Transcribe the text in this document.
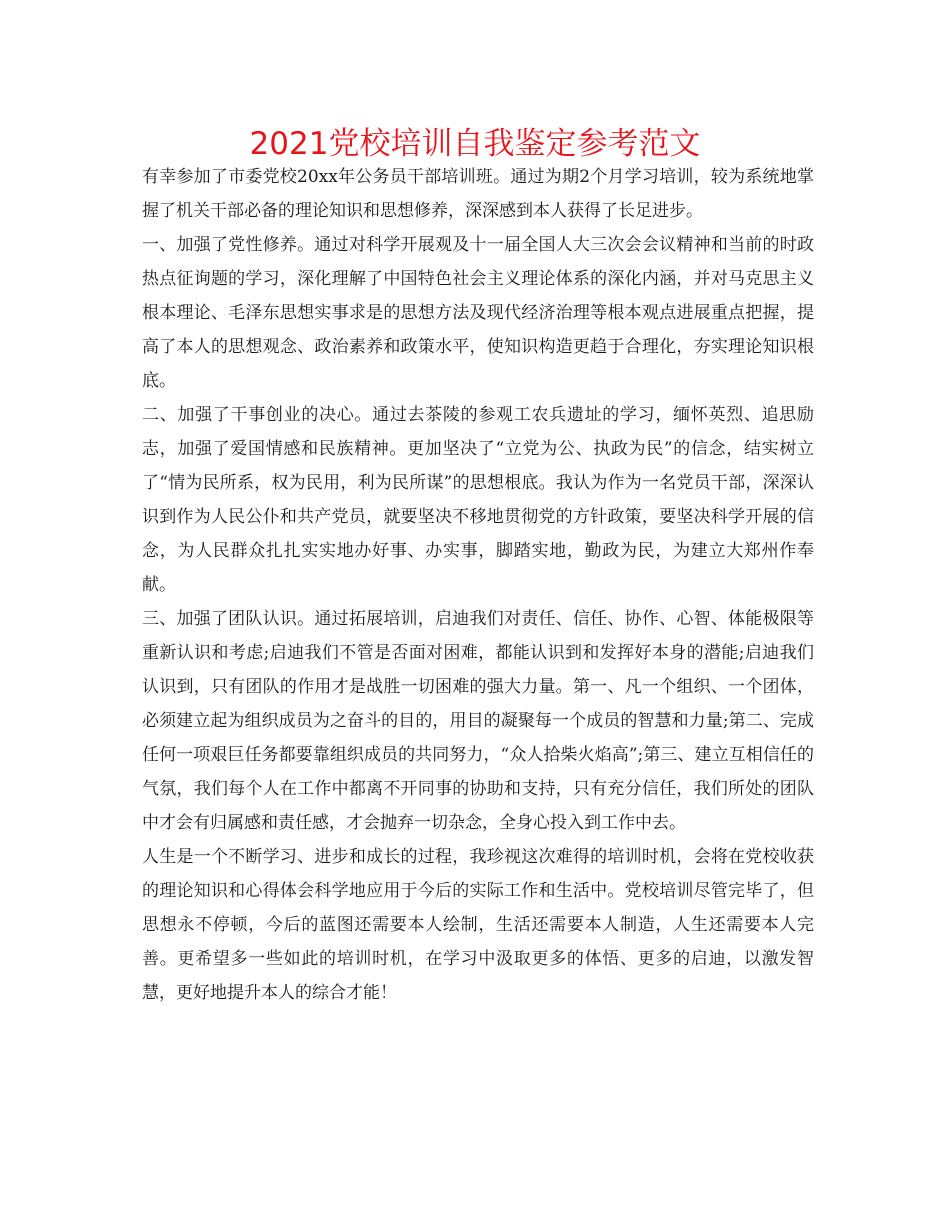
2021党校培训自我鉴定参考范文

有幸参加了市委党校20xx年公务员干部培训班。通过为期2个月学习培训，较为系统地掌握了机关干部必备的理论知识和思想修养，深深感到本人获得了长足进步。

一、加强了党性修养。通过对科学开展观及十一届全国人大三次会会议精神和当前的时政热点征询题的学习，深化理解了中国特色社会主义理论体系的深化内涵，并对马克思主义根本理论、毛泽东思想实事求是的思想方法及现代经济治理等根本观点进展重点把握，提高了本人的思想观念、政治素养和政策水平，使知识构造更趋于合理化，夯实理论知识根底。

二、加强了干事创业的决心。通过去茶陵的参观工农兵遗址的学习，缅怀英烈、追思励志，加强了爱国情感和民族精神。更加坚决了“立党为公、执政为民”的信念，结实树立了“情为民所系，权为民用，利为民所谋”的思想根底。我认为作为一名党员干部，深深认识到作为人民公仆和共产党员，就要坚决不移地贯彻党的方针政策，要坚决科学开展的信念，为人民群众扎扎实实地办好事、办实事，脚踏实地，勤政为民，为建立大郑州作奉献。

三、加强了团队认识。通过拓展培训，启迪我们对责任、信任、协作、心智、体能极限等重新认识和考虑;启迪我们不管是否面对困难，都能认识到和发挥好本身的潜能;启迪我们认识到，只有团队的作用才是战胜一切困难的强大力量。第一、凡一个组织、一个团体，必须建立起为组织成员为之奋斗的目的，用目的凝聚每一个成员的智慧和力量;第二、完成任何一项艰巨任务都要靠组织成员的共同努力，“众人拾柴火焰高”;第三、建立互相信任的气氛，我们每个人在工作中都离不开同事的协助和支持，只有充分信任，我们所处的团队中才会有归属感和责任感，才会抛弃一切杂念，全身心投入到工作中去。

人生是一个不断学习、进步和成长的过程，我珍视这次难得的培训时机，会将在党校收获的理论知识和心得体会科学地应用于今后的实际工作和生活中。党校培训尽管完毕了，但思想永不停顿，今后的蓝图还需要本人绘制，生活还需要本人制造，人生还需要本人完善。更希望多一些如此的培训时机，在学习中汲取更多的体悟、更多的启迪，以激发智慧，更好地提升本人的综合才能！
